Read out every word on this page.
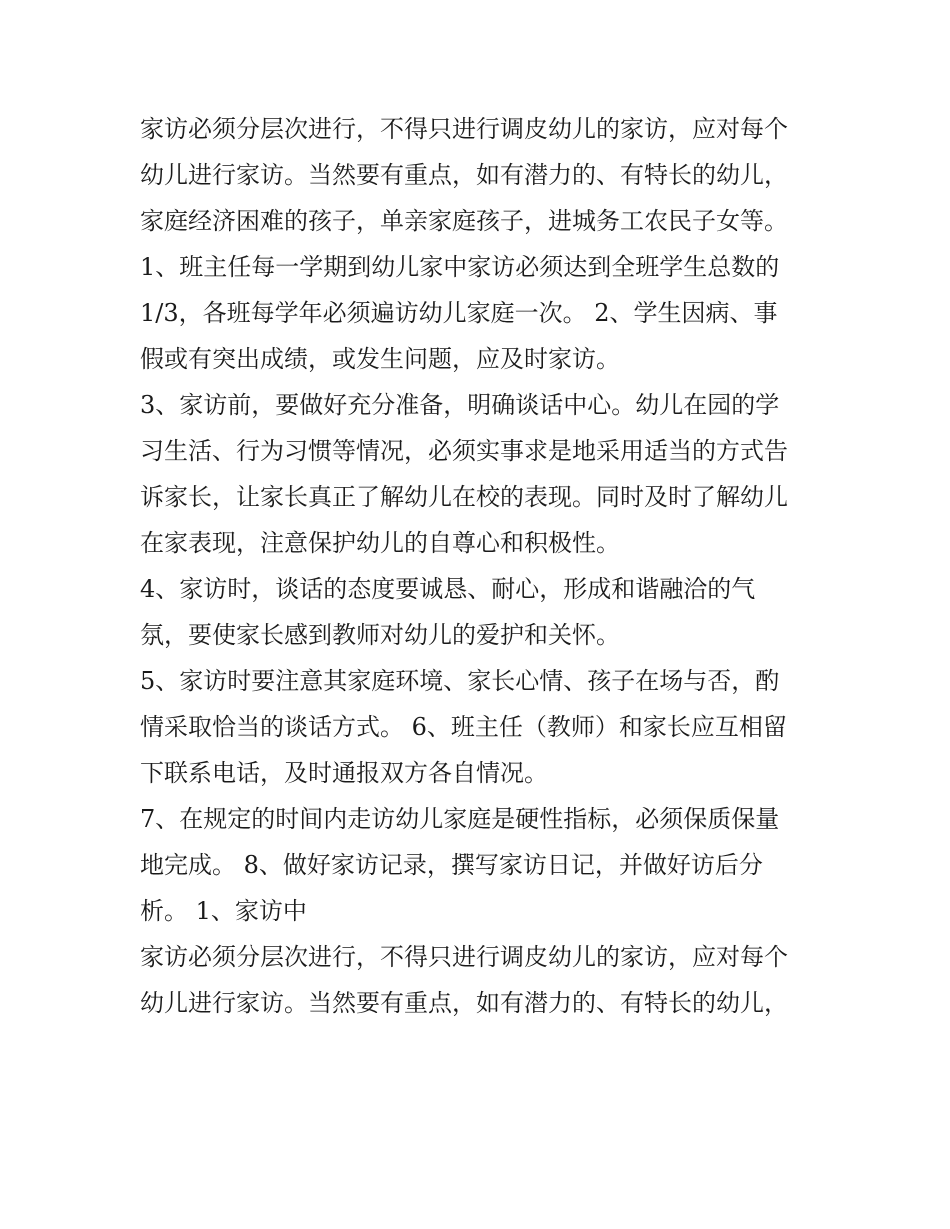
家访必须分层次进行，不得只进行调皮幼儿的家访，应对每个
幼儿进行家访。当然要有重点，如有潜力的、有特长的幼儿，
家庭经济困难的孩子，单亲家庭孩子，进城务工农民子女等。
1、班主任每一学期到幼儿家中家访必须达到全班学生总数的
1/3，各班每学年必须遍访幼儿家庭一次。 2、学生因病、事
假或有突出成绩，或发生问题，应及时家访。
3、家访前，要做好充分准备，明确谈话中心。幼儿在园的学
习生活、行为习惯等情况，必须实事求是地采用适当的方式告
诉家长，让家长真正了解幼儿在校的表现。同时及时了解幼儿
在家表现，注意保护幼儿的自尊心和积极性。
4、家访时，谈话的态度要诚恳、耐心，形成和谐融洽的气
氛，要使家长感到教师对幼儿的爱护和关怀。
5、家访时要注意其家庭环境、家长心情、孩子在场与否，酌
情采取恰当的谈话方式。 6、班主任（教师）和家长应互相留
下联系电话，及时通报双方各自情况。
7、在规定的时间内走访幼儿家庭是硬性指标，必须保质保量
地完成。 8、做好家访记录，撰写家访日记，并做好访后分
析。 1、家访中
家访必须分层次进行，不得只进行调皮幼儿的家访，应对每个
幼儿进行家访。当然要有重点，如有潜力的、有特长的幼儿，
